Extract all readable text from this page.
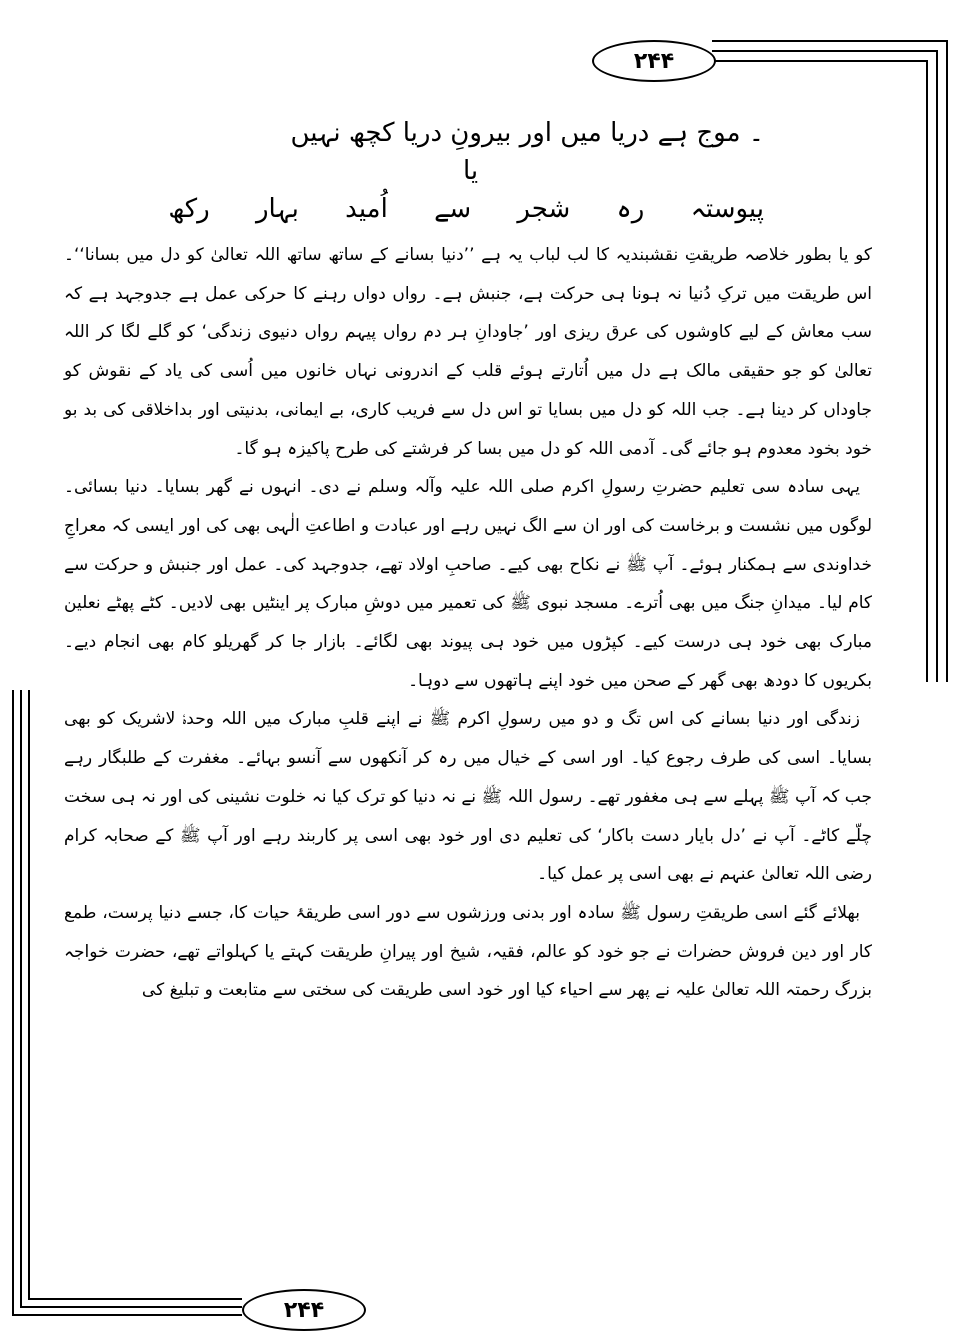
۲۴۴
۲۴۴
۔ موج ہے دریا میں اور بیرونِ دریا کچھ نہیں
یا
پیوستہ رہ شجر سے اُمید بہار رکھ

کو یا بطور خلاصہ طریقتِ نقشبندیہ کا لب لباب یہ ہے ’’دنیا بسانے کے ساتھ ساتھ اللہ تعالیٰ کو دل میں بسانا‘‘۔ اس طریقت میں ترکِ دُنیا نہ ہونا ہی حرکت ہے، جنبش ہے۔ رواں دواں رہنے کا حرکی عمل ہے جدوجہد ہے کہ سب معاش کے لیے کاوشوں کی عرق ریزی اور ’جاودانِ ہر دم رواں پیہم رواں دنیوی زندگی‘ کو گلے لگا کر اللہ تعالیٰ کو جو حقیقی مالک ہے دل میں اُتارتے ہوئے قلب کے اندرونی نہاں خانوں میں اُسی کی یاد کے نقوش کو جاوداں کر دینا ہے۔ جب اللہ کو دل میں بسایا تو اس دل سے فریب کاری، بے ایمانی، بدنیتی اور بداخلاقی کی بد بو خود بخود معدوم ہو جائے گی۔ آدمی اللہ کو دل میں بسا کر فرشتے کی طرح پاکیزہ ہو گا۔

یہی سادہ سی تعلیم حضرتِ رسولِ اکرم صلی اللہ علیہ وآلہ وسلم نے دی۔ انہوں نے گھر بسایا۔ دنیا بسائی۔ لوگوں میں نشست و برخاست کی اور ان سے الگ نہیں رہے اور عبادت و اطاعتِ الٰہی بھی کی اور ایسی کہ معراجِ خداوندی سے ہمکنار ہوئے۔ آپ ﷺ نے نکاح بھی کیے۔ صاحبِ اولاد تھے، جدوجہد کی۔ عمل اور جنبش و حرکت سے کام لیا۔ میدانِ جنگ میں بھی اُترے۔ مسجد نبوی ﷺ کی تعمیر میں دوشِ مبارک پر اینٹیں بھی لادیں۔ کٹے پھٹے نعلین مبارک بھی خود ہی درست کیے۔ کپڑوں میں خود ہی پیوند بھی لگائے۔ بازار جا کر گھریلو کام بھی انجام دیے۔ بکریوں کا دودھ بھی گھر کے صحن میں خود اپنے ہاتھوں سے دوہا۔

زندگی اور دنیا بسانے کی اس تگ و دو میں رسولِ اکرم ﷺ نے اپنے قلبِ مبارک میں اللہ وحدہٗ لاشریک کو بھی بسایا۔ اسی کی طرف رجوع کیا۔ اور اسی کے خیال میں رہ کر آنکھوں سے آنسو بہائے۔ مغفرت کے طلبگار رہے جب کہ آپ ﷺ پہلے سے ہی مغفور تھے۔ رسول اللہ ﷺ نے نہ دنیا کو ترک کیا نہ خلوت نشینی کی اور نہ ہی سخت چلّے کاٹے۔ آپ نے ’دل بایار دست باکار‘ کی تعلیم دی اور خود بھی اسی پر کاربند رہے اور آپ ﷺ کے صحابہ کرام رضی اللہ تعالیٰ عنہم نے بھی اسی پر عمل کیا۔

بھلائے گئے اسی طریقتِ رسول ﷺ سادہ اور بدنی ورزشوں سے دور اسی طریقۂ حیات کا، جسے دنیا پرست، طمع کار اور دین فروش حضرات نے جو خود کو عالم، فقیہ، شیخ اور پیرانِ طریقت کہتے یا کہلواتے تھے، حضرت خواجہ بزرگ رحمتہ اللہ تعالیٰ علیہ نے پھر سے احیاء کیا اور خود اسی طریقت کی سختی سے متابعت و تبلیغ کی
